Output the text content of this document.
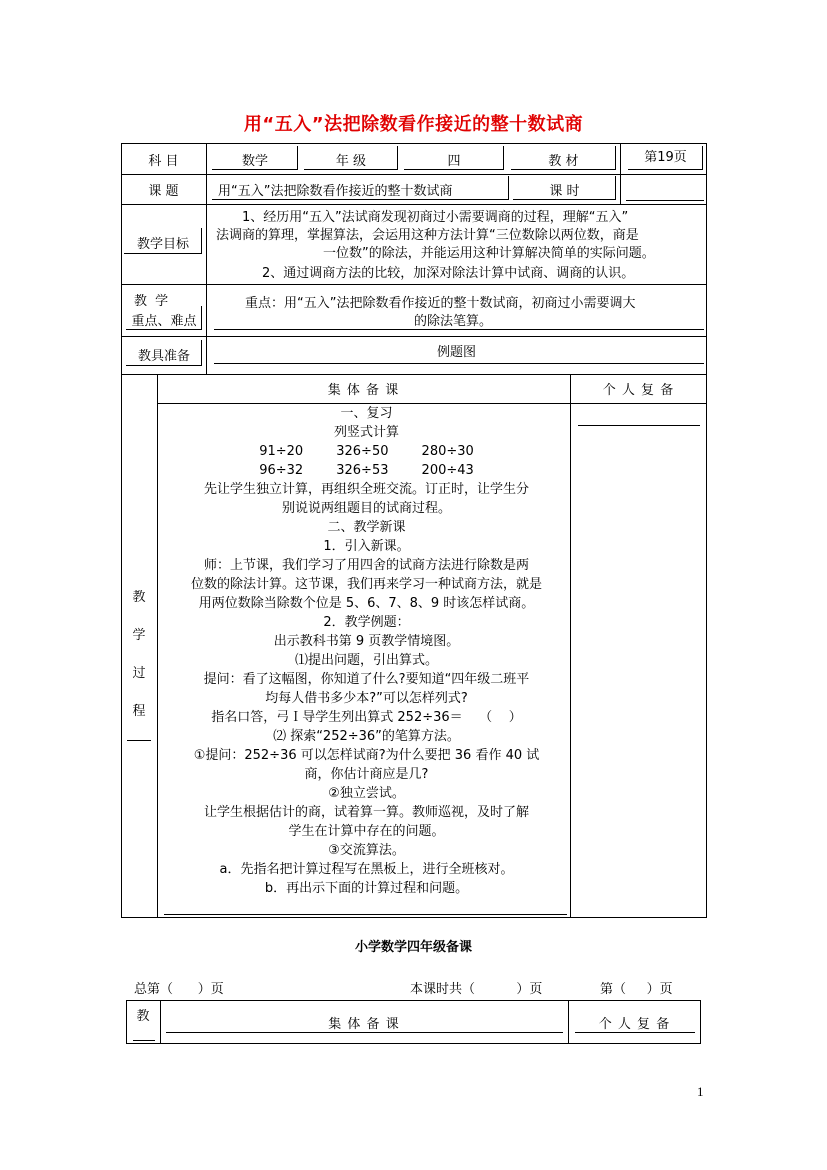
用“五入”法把除数看作接近的整十数试商
科 目	数学	年 级	四	教 材	第19页
课 题	用“五入”法把除数看作接近的整十数试商	课 时
教学目标
1、经历用“五入”法试商发现初商过小需要调商的过程，理解“五入”
法调商的算理，掌握算法，会运用这种方法计算“三位数除以两位数，商是
一位数”的除法，并能运用这种计算解决简单的实际问题。
2、通过调商方法的比较，加深对除法计算中试商、调商的认识。
教 学
重点、难点
重点：用“五入”法把除数看作接近的整十数试商，初商过小需要调大
的除法笔算。
教具准备	例题图
集 体 备 课	个 人 复 备
教
学
过
程
一、复习
列竖式计算
91÷20        326÷50        280÷30
96÷32        326÷53        200÷43
先让学生独立计算，再组织全班交流。订正时，让学生分
别说说两组题目的试商过程。
二、教学新课
1．引入新课。
师：上节课，我们学习了用四舍的试商方法进行除数是两
位数的除法计算。这节课，我们再来学习一种试商方法，就是
用两位数除当除数个位是 5、6、7、8、9 时该怎样试商。
2．教学例题：
出示教科书第 9 页教学情境图。
⑴提出问题，引出算式。
提问：看了这幅图，你知道了什么?要知道“四年级二班平
均每人借书多少本?”可以怎样列式?
指名口答，弓Ｉ导学生列出算式 252÷36＝    （    ）
⑵ 探索“252÷36”的笔算方法。
①提问：252÷36 可以怎样试商?为什么要把 36 看作 40 试
商，你估计商应是几?
②独立尝试。
让学生根据估计的商，试着算一算。教师巡视，及时了解
学生在计算中存在的问题。
③交流算法。
a．先指名把计算过程写在黑板上，进行全班核对。
b．再出示下面的计算过程和问题。
小学数学四年级备课
总第（      ）页	本课时共（          ）页	第（     ）页
教
集 体 备 课	个 人 复 备
1
